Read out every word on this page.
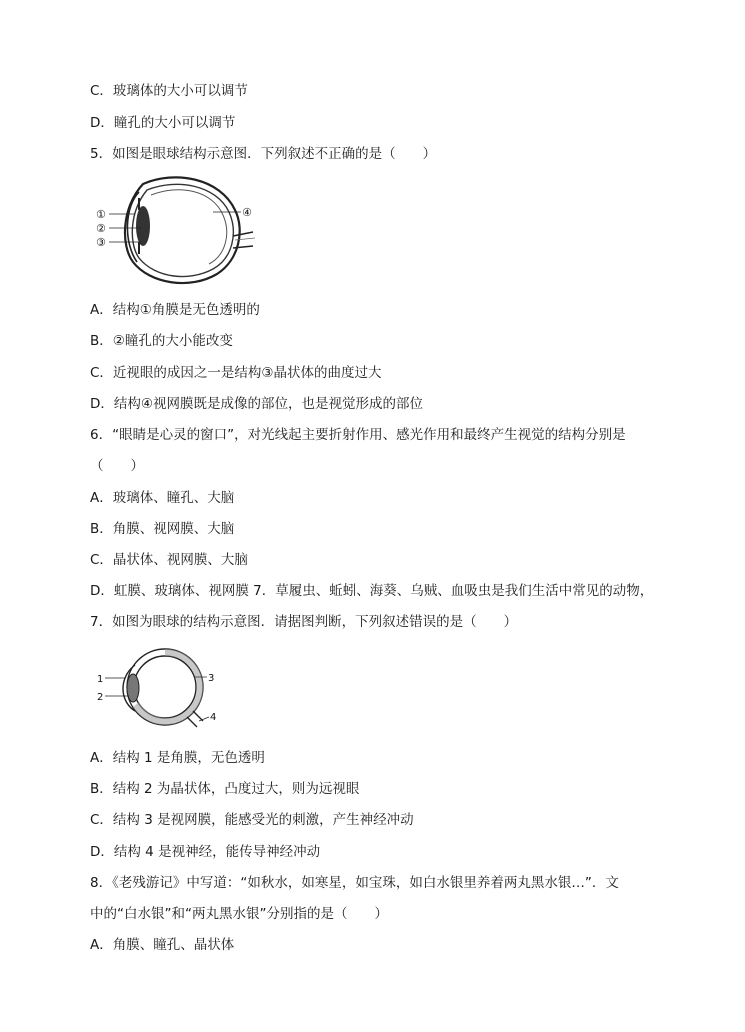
C．玻璃体的大小可以调节
D．瞳孔的大小可以调节
5．如图是眼球结构示意图．下列叙述不正确的是（　　）
①
②
③
④
A．结构①角膜是无色透明的
B．②瞳孔的大小能改变
C．近视眼的成因之一是结构③晶状体的曲度过大
D．结构④视网膜既是成像的部位，也是视觉形成的部位
6．“眼睛是心灵的窗口”，对光线起主要折射作用、感光作用和最终产生视觉的结构分别是
（　　）
A．玻璃体、瞳孔、大脑
B．角膜、视网膜、大脑
C．晶状体、视网膜、大脑
D．虹膜、玻璃体、视网膜 7．草履虫、蚯蚓、海葵、乌贼、血吸虫是我们生活中常见的动物，
7．如图为眼球的结构示意图．请据图判断，下列叙述错误的是（　　）
1
2
3
4
A．结构 1 是角膜，无色透明
B．结构 2 为晶状体，凸度过大，则为远视眼
C．结构 3 是视网膜，能感受光的刺激，产生神经冲动
D．结构 4 是视神经，能传导神经冲动
8．《老残游记》中写道：“如秋水，如寒星，如宝珠，如白水银里养着两丸黑水银…”．文
中的“白水银”和“两丸黑水银”分别指的是（　　）
A．角膜、瞳孔、晶状体
